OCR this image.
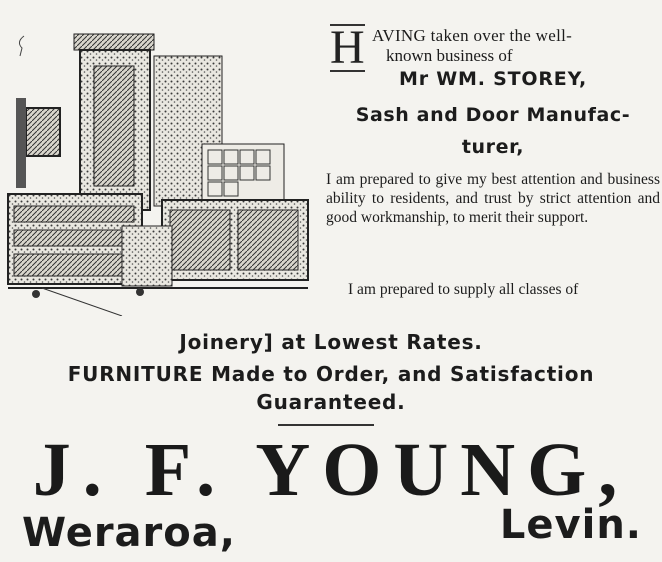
H AVING taken over the well-
known business of
Mr WM. STOREY,
Sash and Door Manufac-
turer,
I am prepared to give my best attention and business ability to residents, and trust by strict attention and good workmanship, to merit their support.
I am prepared to supply all classes of
Joinery] at Lowest Rates.
FURNITURE Made to Order, and Satisfaction
Guaranteed.
J. F. YOUNG,
Weraroa,	Levin.
